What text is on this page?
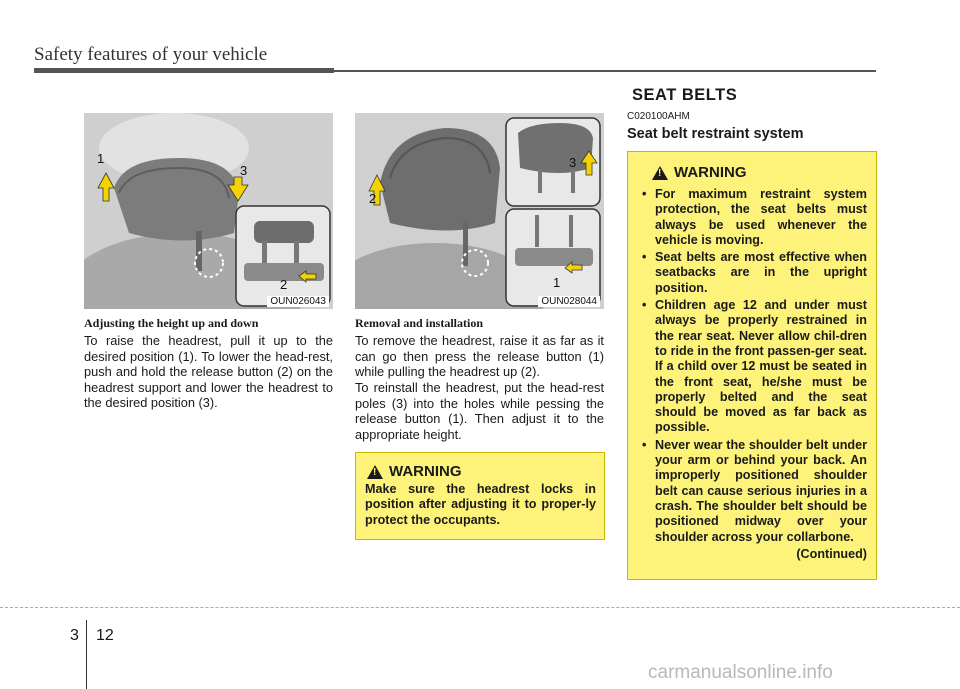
Safety features of your vehicle
1
3
2
OUN026043
2
3
1
OUN028044
Adjusting the height up and down

To raise the headrest, pull it up to the desired position (1). To lower the head-rest, push and hold the release button (2) on the headrest support and lower the headrest to the desired position (3).

Removal and installation

To remove the headrest, raise it as far as it can go then press the release button (1) while pulling the headrest up (2).

To reinstall the headrest, put the head-rest poles (3) into the holes while pessing the release button (1). Then adjust it to the appropriate height.

!
WARNING
Make sure the headrest locks in position after adjusting it to proper-ly protect the occupants.
SEAT BELTS
C020100AHM
Seat belt restraint system
!
WARNING
• For maximum restraint system protection, the seat belts must always be used whenever the vehicle is moving.
• Seat belts are most effective when seatbacks are in the upright position.
• Children age 12 and under must always be properly restrained in the rear seat. Never allow chil-dren to ride in the front passen-ger seat. If a child over 12 must be seated in the front seat, he/she must be properly belted and the seat should be moved as far back as possible.
• Never wear the shoulder belt under your arm or behind your back. An improperly positioned shoulder belt can cause serious injuries in a crash. The shoulder belt should be positioned midway over your shoulder across your collarbone.
(Continued)
3 12
carmanualsonline.info
